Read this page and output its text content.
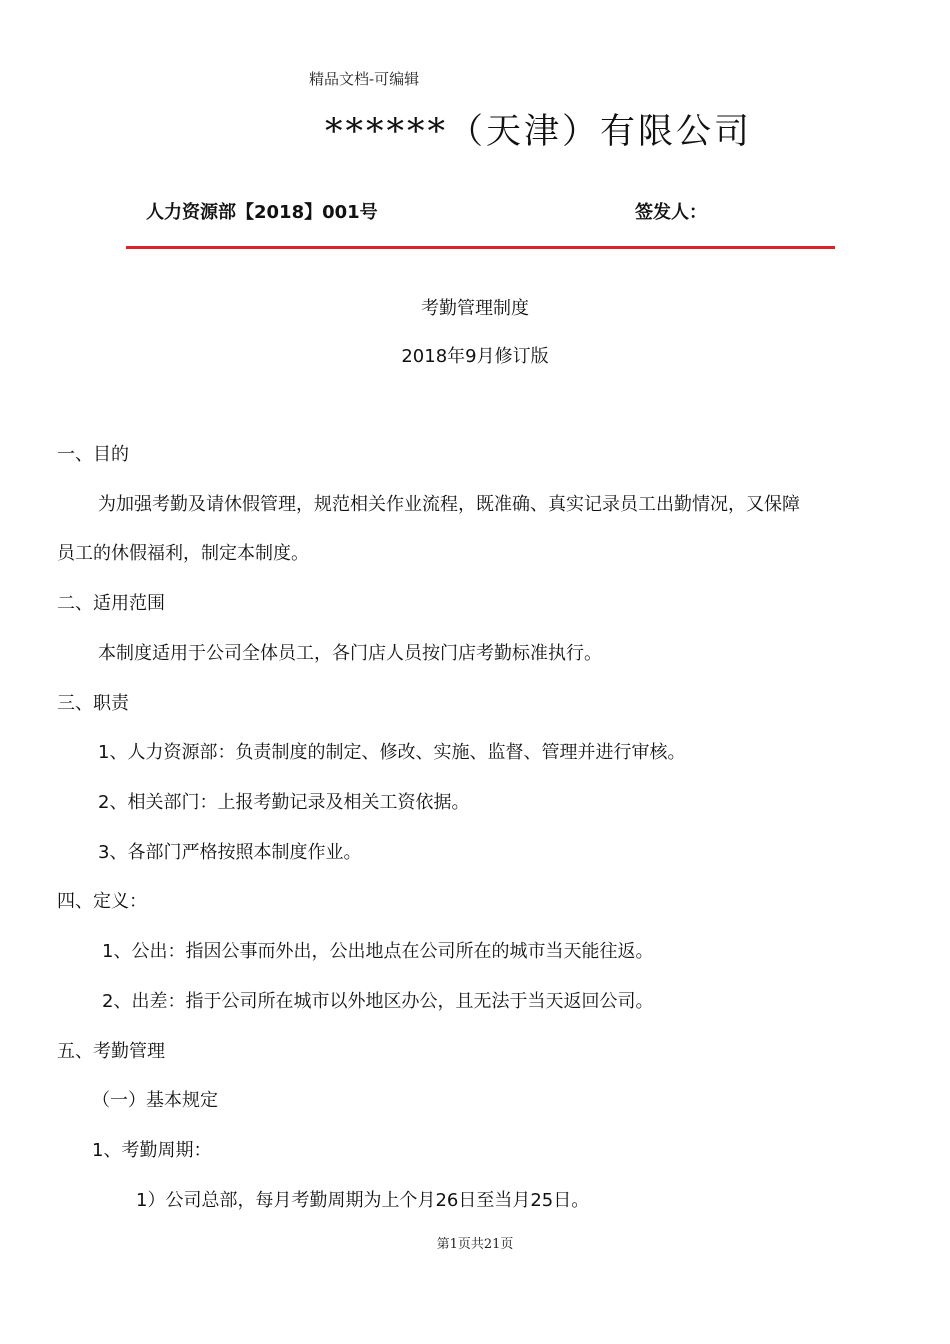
精品文档-可编辑
******（天津）有限公司
人力资源部【2018】001号	签发人：
考勤管理制度
2018年9月修订版
一、目的
为加强考勤及请休假管理，规范相关作业流程，既准确、真实记录员工出勤情况，又保障
员工的休假福利，制定本制度。
二、适用范围
本制度适用于公司全体员工，各门店人员按门店考勤标准执行。
三、职责
1、人力资源部：负责制度的制定、修改、实施、监督、管理并进行审核。
2、相关部门：上报考勤记录及相关工资依据。
3、各部门严格按照本制度作业。
四、定义：
1、公出：指因公事而外出，公出地点在公司所在的城市当天能往返。
2、出差：指于公司所在城市以外地区办公，且无法于当天返回公司。
五、考勤管理
（一）基本规定
1、考勤周期：
1）公司总部，每月考勤周期为上个月26日至当月25日。
第1页共21页
